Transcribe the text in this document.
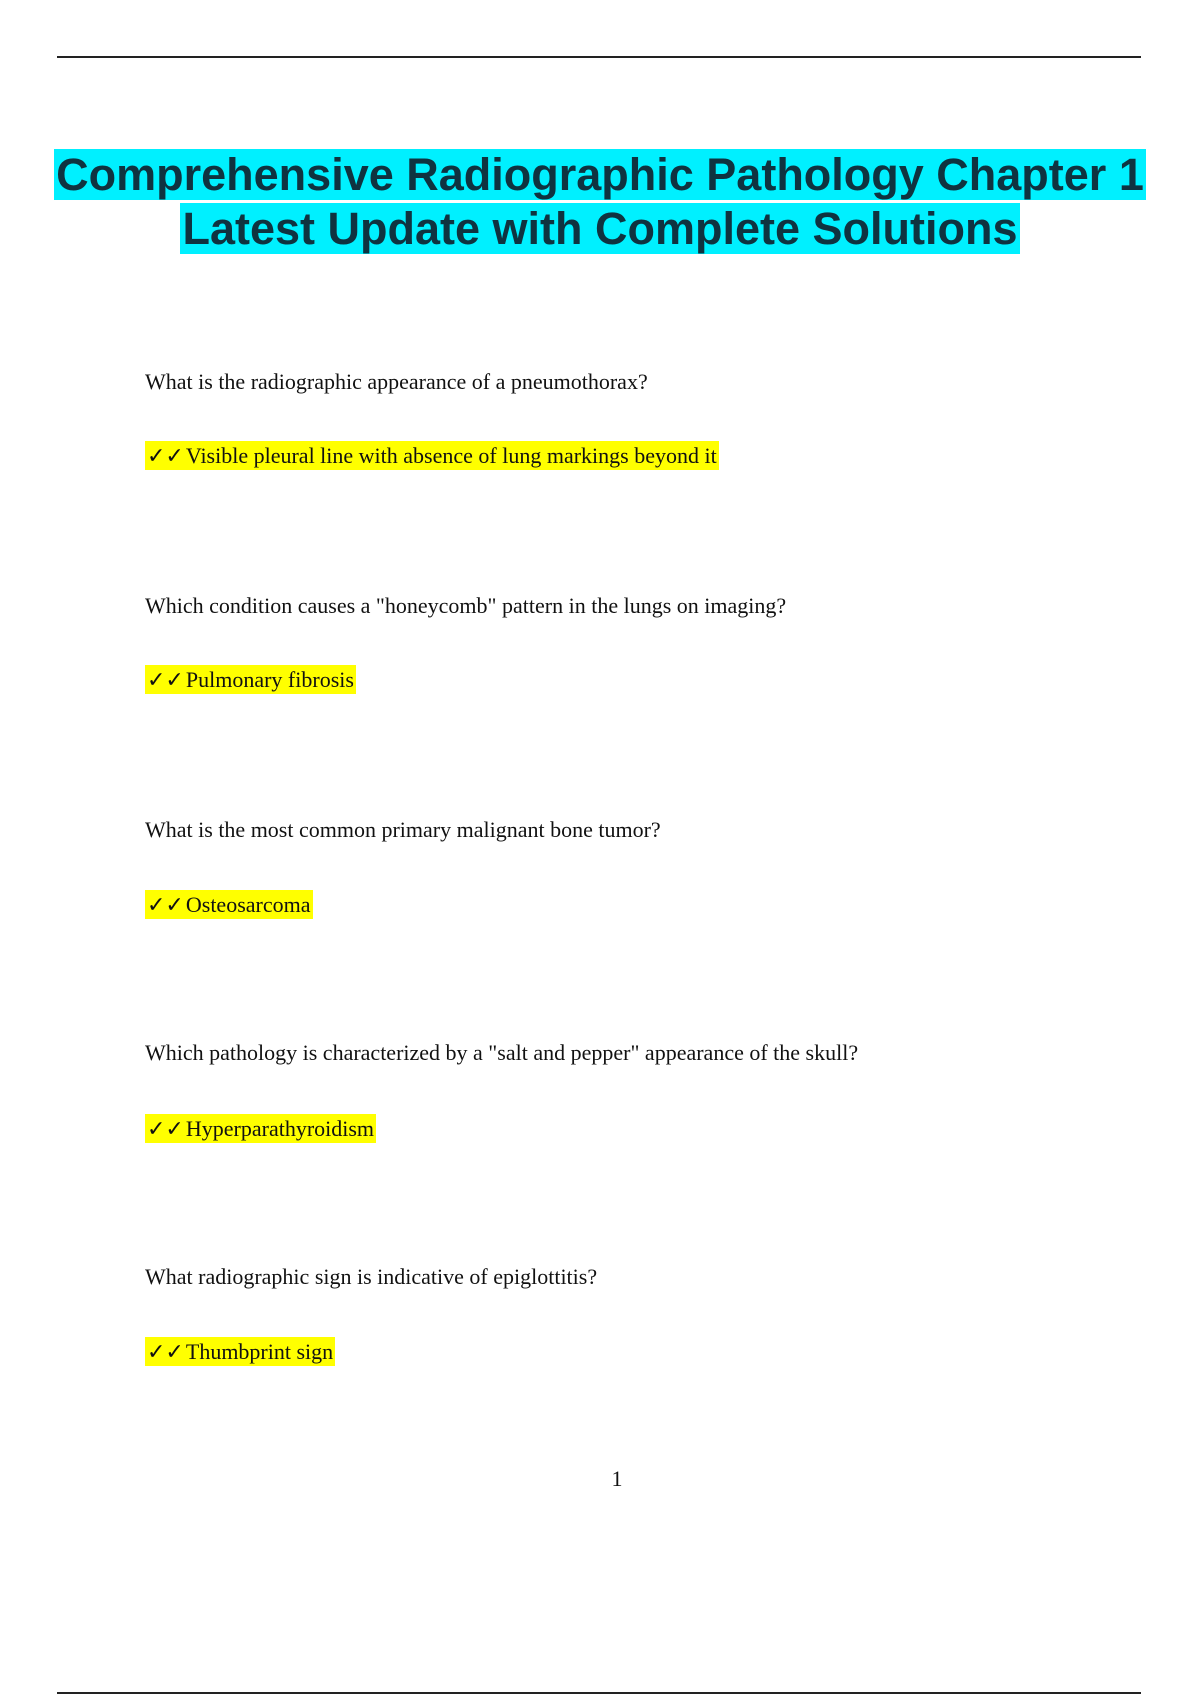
Comprehensive Radiographic Pathology Chapter 1 Latest Update with Complete Solutions
What is the radiographic appearance of a pneumothorax?
✓✓Visible pleural line with absence of lung markings beyond it
Which condition causes a "honeycomb" pattern in the lungs on imaging?
✓✓Pulmonary fibrosis
What is the most common primary malignant bone tumor?
✓✓Osteosarcoma
Which pathology is characterized by a "salt and pepper" appearance of the skull?
✓✓Hyperparathyroidism
What radiographic sign is indicative of epiglottitis?
✓✓Thumbprint sign
1
